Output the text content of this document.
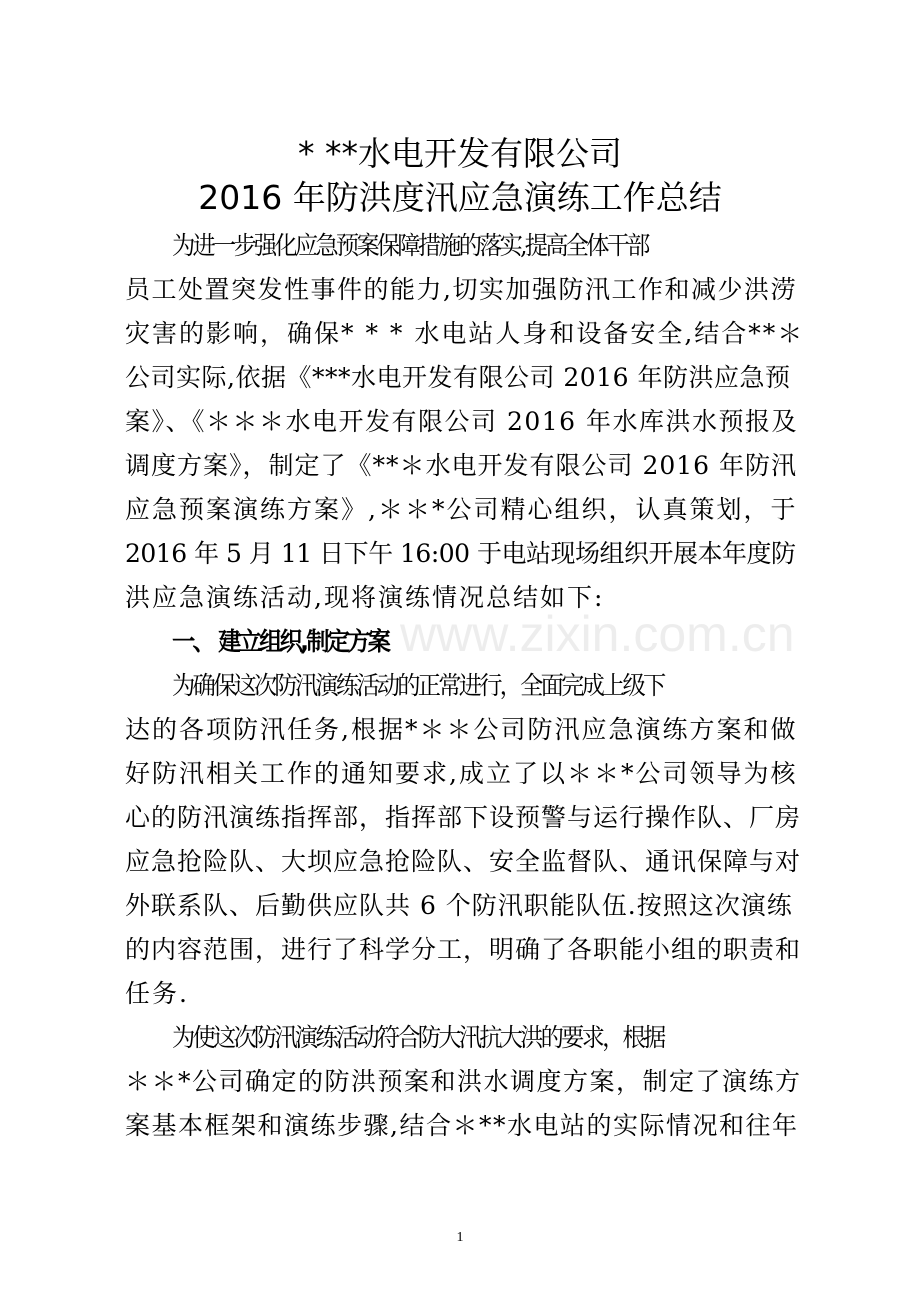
* **水电开发有限公司
2016 年防洪度汛应急演练工作总结
www.zixin.com.cn
为进一步强化应急预案保障措施的落实,提高全体干部
员工处置突发性事件的能力,切实加强防汛工作和减少洪涝
灾害的影响，确保* * * 水电站人身和设备安全,结合**＊
公司实际,依据《***水电开发有限公司 2016 年防洪应急预
案》、《＊＊＊水电开发有限公司 2016 年水库洪水预报及
调度方案》，制定了《**＊水电开发有限公司 2016 年防汛
应急预案演练方案》,＊＊*公司精心组织，认真策划，于
2016 年 5 月 11 日下午 16:00 于电站现场组织开展本年度防
洪应急演练活动,现将演练情况总结如下:
一、 建立组织,制定方案
为确保这次防汛演练活动的正常进行，全面完成上级下
达的各项防汛任务,根据*＊＊公司防汛应急演练方案和做
好防汛相关工作的通知要求,成立了以＊＊*公司领导为核
心的防汛演练指挥部，指挥部下设预警与运行操作队、厂房
应急抢险队、大坝应急抢险队、安全监督队、通讯保障与对
外联系队、后勤供应队共 6 个防汛职能队伍.按照这次演练
的内容范围，进行了科学分工，明确了各职能小组的职责和
任务.
为使这次防汛演练活动符合防大汛抗大洪的要求，根据
＊＊*公司确定的防洪预案和洪水调度方案，制定了演练方
案基本框架和演练步骤,结合＊**水电站的实际情况和往年
1
